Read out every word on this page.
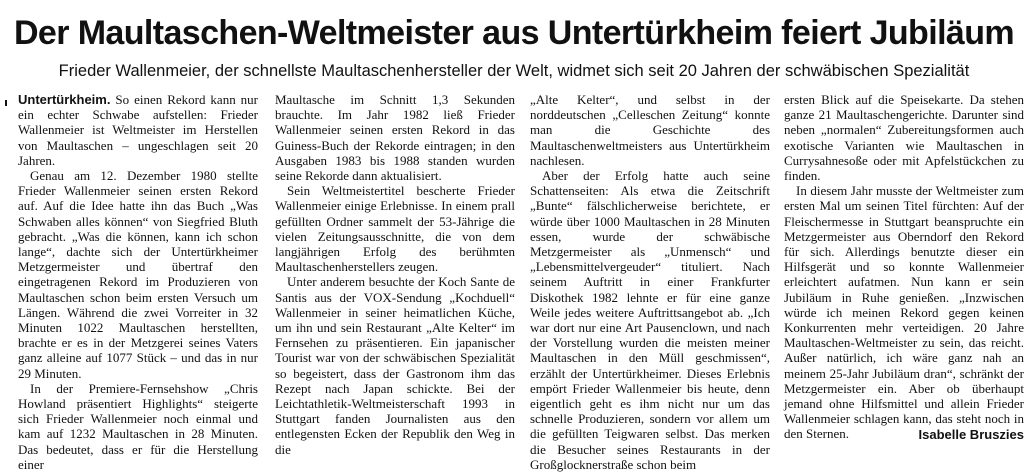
Der Maultaschen-Weltmeister aus Untertürkheim feiert Jubiläum
Frieder Wallenmeier, der schnellste Maultaschenhersteller der Welt, widmet sich seit 20 Jahren der schwäbischen Spezialität

Untertürkheim. So einen Rekord kann nur ein echter Schwabe aufstellen: Frieder Wallenmeier ist Weltmeister im Herstellen von Maultaschen – ungeschlagen seit 20 Jahren.

Genau am 12. Dezember 1980 stellte Frieder Wallenmeier seinen ersten Rekord auf. Auf die Idee hatte ihn das Buch „Was Schwaben alles können“ von Siegfried Bluth gebracht. „Was die können, kann ich schon lange“, dachte sich der Untertürkheimer Metzgermeister und übertraf den eingetragenen Rekord im Produzieren von Maultaschen schon beim ersten Versuch um Längen. Während die zwei Vorreiter in 32 Minuten 1022 Maultaschen herstellten, brachte er es in der Metzgerei seines Vaters ganz alleine auf 1077 Stück – und das in nur 29 Minuten.

In der Premiere-Fernsehshow „Chris Howland präsentiert Highlights“ steigerte sich Frieder Wallenmeier noch einmal und kam auf 1232 Maultaschen in 28 Minuten. Das bedeutet, dass er für die Herstellung einer

Maultasche im Schnitt 1,3 Sekunden brauchte. Im Jahr 1982 ließ Frieder Wallenmeier seinen ersten Rekord in das Guiness-Buch der Rekorde eintragen; in den Ausgaben 1983 bis 1988 standen wurden seine Rekorde dann aktualisiert.

Sein Weltmeistertitel bescherte Frieder Wallenmeier einige Erlebnisse. In einem prall gefüllten Ordner sammelt der 53-Jährige die vielen Zeitungsausschnitte, die von dem langjährigen Erfolg des berühmten Maultaschenherstellers zeugen.

Unter anderem besuchte der Koch Sante de Santis aus der VOX-Sendung „Kochduell“ Wallenmeier in seiner heimatlichen Küche, um ihn und sein Restaurant „Alte Kelter“ im Fernsehen zu präsentieren. Ein japanischer Tourist war von der schwäbischen Spezialität so begeistert, dass der Gastronom ihm das Rezept nach Japan schickte. Bei der Leichtathletik-Weltmeisterschaft 1993 in Stuttgart fanden Journalisten aus den entlegensten Ecken der Republik den Weg in die

„Alte Kelter“, und selbst in der norddeutschen „Celleschen Zeitung“ konnte man die Geschichte des Maultaschenweltmeisters aus Untertürkheim nachlesen.

Aber der Erfolg hatte auch seine Schattenseiten: Als etwa die Zeitschrift „Bunte“ fälschlicherweise berichtete, er würde über 1000 Maultaschen in 28 Minuten essen, wurde der schwäbische Metzgermeister als „Unmensch“ und „Lebensmittelvergeuder“ tituliert. Nach seinem Auftritt in einer Frankfurter Diskothek 1982 lehnte er für eine ganze Weile jedes weitere Auftrittsangebot ab. „Ich war dort nur eine Art Pausenclown, und nach der Vorstellung wurden die meisten meiner Maultaschen in den Müll geschmissen“, erzählt der Untertürkheimer. Dieses Erlebnis empört Frieder Wallenmeier bis heute, denn eigentlich geht es ihm nicht nur um das schnelle Produzieren, sondern vor allem um die gefüllten Teigwaren selbst. Das merken die Besucher seines Restaurants in der Großglocknerstraße schon beim

ersten Blick auf die Speisekarte. Da stehen ganze 21 Maultaschengerichte. Darunter sind neben „normalen“ Zubereitungsformen auch exotische Varianten wie Maultaschen in Currysahnesoße oder mit Apfelstückchen zu finden.

In diesem Jahr musste der Weltmeister zum ersten Mal um seinen Titel fürchten: Auf der Fleischermesse in Stuttgart beanspruchte ein Metzgermeister aus Oberndorf den Rekord für sich. Allerdings benutzte dieser ein Hilfsgerät und so konnte Wallenmeier erleichtert aufatmen. Nun kann er sein Jubiläum in Ruhe genießen. „Inzwischen würde ich meinen Rekord gegen keinen Konkurrenten mehr verteidigen. 20 Jahre Maultaschen-Weltmeister zu sein, das reicht. Außer natürlich, ich wäre ganz nah an meinem 25-Jahr Jubiläum dran“, schränkt der Metzgermeister ein. Aber ob überhaupt jemand ohne Hilfsmittel und allein Frieder Wallenmeier schlagen kann, das steht noch in den Sternen.	Isabelle Bruszies
